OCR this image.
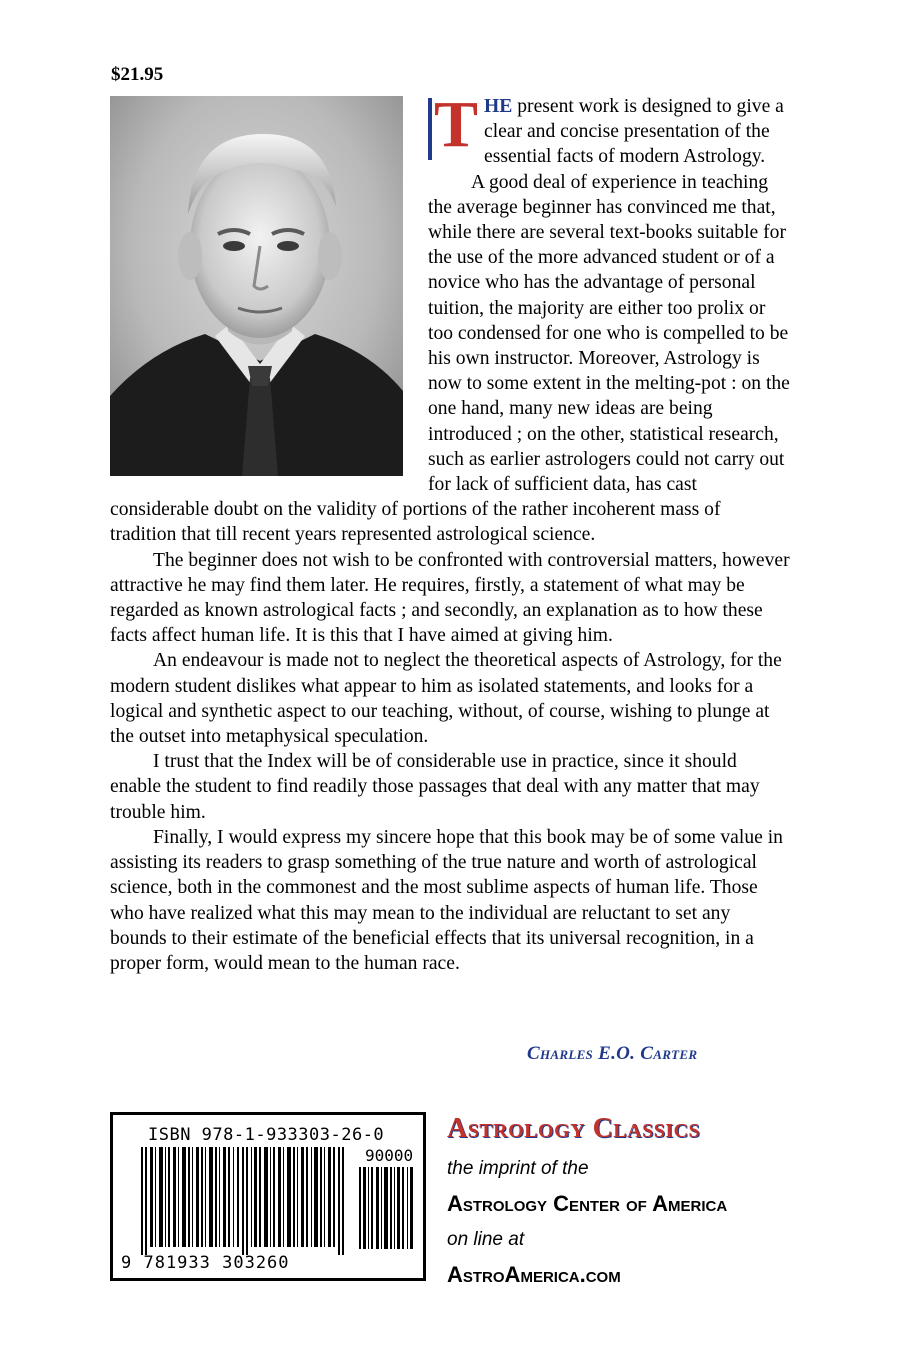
$21.95

T HE present work is designed to give a clear and concise presentation of the essential facts of modern Astrology.

A good deal of experience in teaching the average beginner has convinced me that, while there are several text-books suitable for the use of the more advanced student or of a novice who has the advantage of personal tuition, the majority are either too prolix or too condensed for one who is compelled to be his own instructor. Moreover, Astrology is now to some extent in the melting-pot : on the one hand, many new ideas are being introduced ; on the other, statistical research, such as earlier astrologers could not carry out for lack of sufficient data, has cast considerable doubt on the validity of portions of the rather incoherent mass of tradition that till recent years represented astrological science.

The beginner does not wish to be confronted with controversial matters, however attractive he may find them later. He requires, firstly, a statement of what may be regarded as known astrological facts ; and secondly, an explanation as to how these facts affect human life. It is this that I have aimed at giving him.

An endeavour is made not to neglect the theoretical aspects of Astrology, for the modern student dislikes what appear to him as isolated statements, and looks for a logical and synthetic aspect to our teaching, without, of course, wishing to plunge at the outset into metaphysical speculation.

I trust that the Index will be of considerable use in practice, since it should enable the student to find readily those passages that deal with any matter that may trouble him.

Finally, I would express my sincere hope that this book may be of some value in assisting its readers to grasp something of the true nature and worth of astrological science, both in the commonest and the most sublime aspects of human life. Those who have realized what this may mean to the individual are reluctant to set any bounds to their estimate of the beneficial effects that its universal recognition, in a proper form, would mean to the human race.

Charles E.O. Carter
ISBN 978-1-933303-26-0
90000
9 781933 303260
Astrology Classics
the imprint of the
Astrology Center of America
on line at
AstroAmerica.com
